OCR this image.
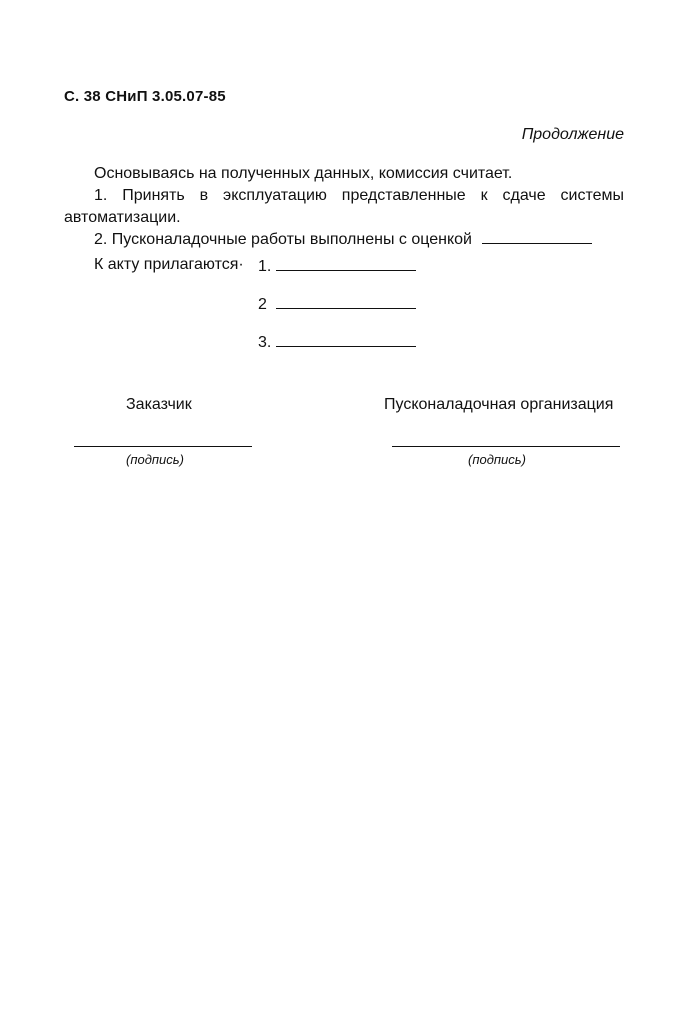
С. 38 СНиП 3.05.07-85
Продолжение
Основываясь на полученных данных, комиссия считает.
1. Принять в эксплуатацию представленные к сдаче системы автоматизации.
2. Пусконаладочные работы выполнены с оценкой
К акту прилагаются· 1.
2
3.
Заказчик	Пусконаладочная организация
(подпись)	(подпись)
